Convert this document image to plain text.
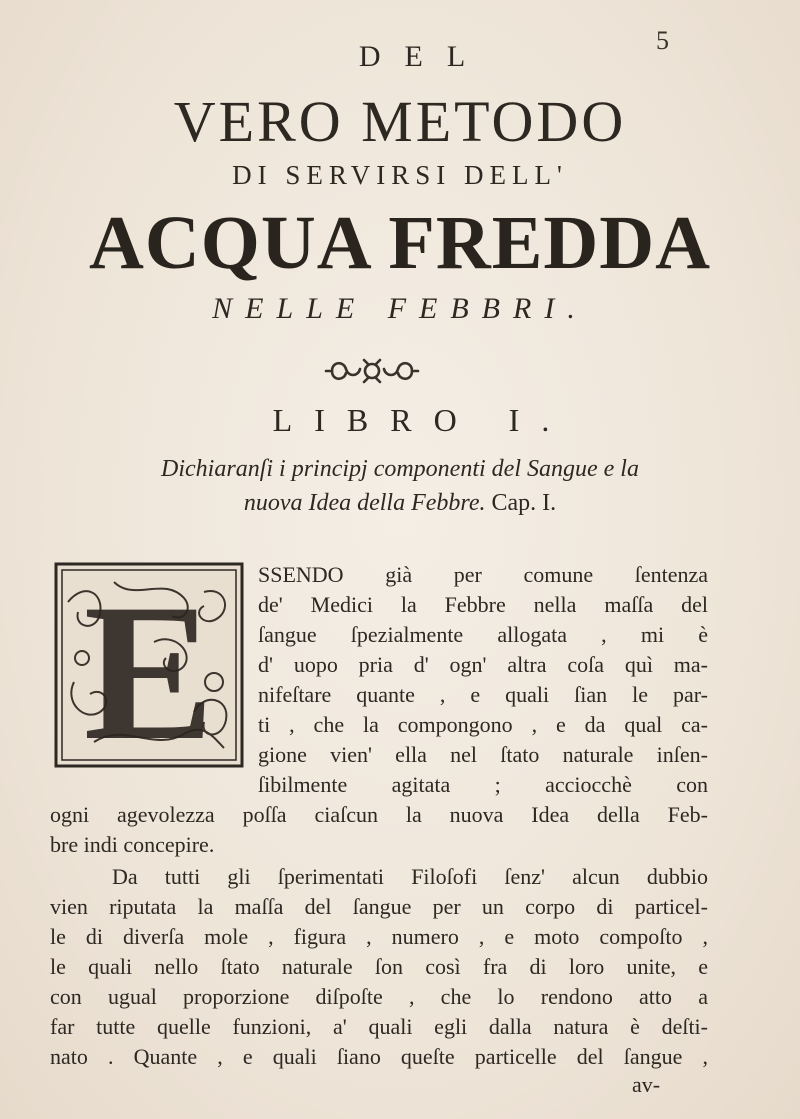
5
DEL
VERO METODO
DI SERVIRSI DELL'
ACQUA FREDDA
NELLE FEBBRI.
LIBRO I.
Dichiaranſi i principj componenti del Sangue e la
nuova Idea della Febbre. Cap. I.
E SSENDO già per comune ſentenza
de' Medici la Febbre nella maſſa del
ſangue ſpezialmente allogata , mi è
d' uopo pria d' ogn' altra coſa quì ma-
nifeſtare quante , e quali ſian le par-
ti , che la compongono , e da qual ca-
gione vien' ella nel ſtato naturale inſen-
ſibilmente agitata ; acciocchè con
ogni agevolezza poſſa ciaſcun la nuova Idea della Feb-
bre indi concepire.
Da tutti gli ſperimentati Filoſofi ſenz' alcun dubbio
vien riputata la maſſa del ſangue per un corpo di particel-
le di diverſa mole , figura , numero , e moto compoſto ,
le quali nello ſtato naturale ſon così fra di loro unite, e
con ugual proporzione diſpoſte , che lo rendono atto a
far tutte quelle funzioni, a' quali egli dalla natura è deſti-
nato . Quante , e quali ſiano queſte particelle del ſangue ,
av-
